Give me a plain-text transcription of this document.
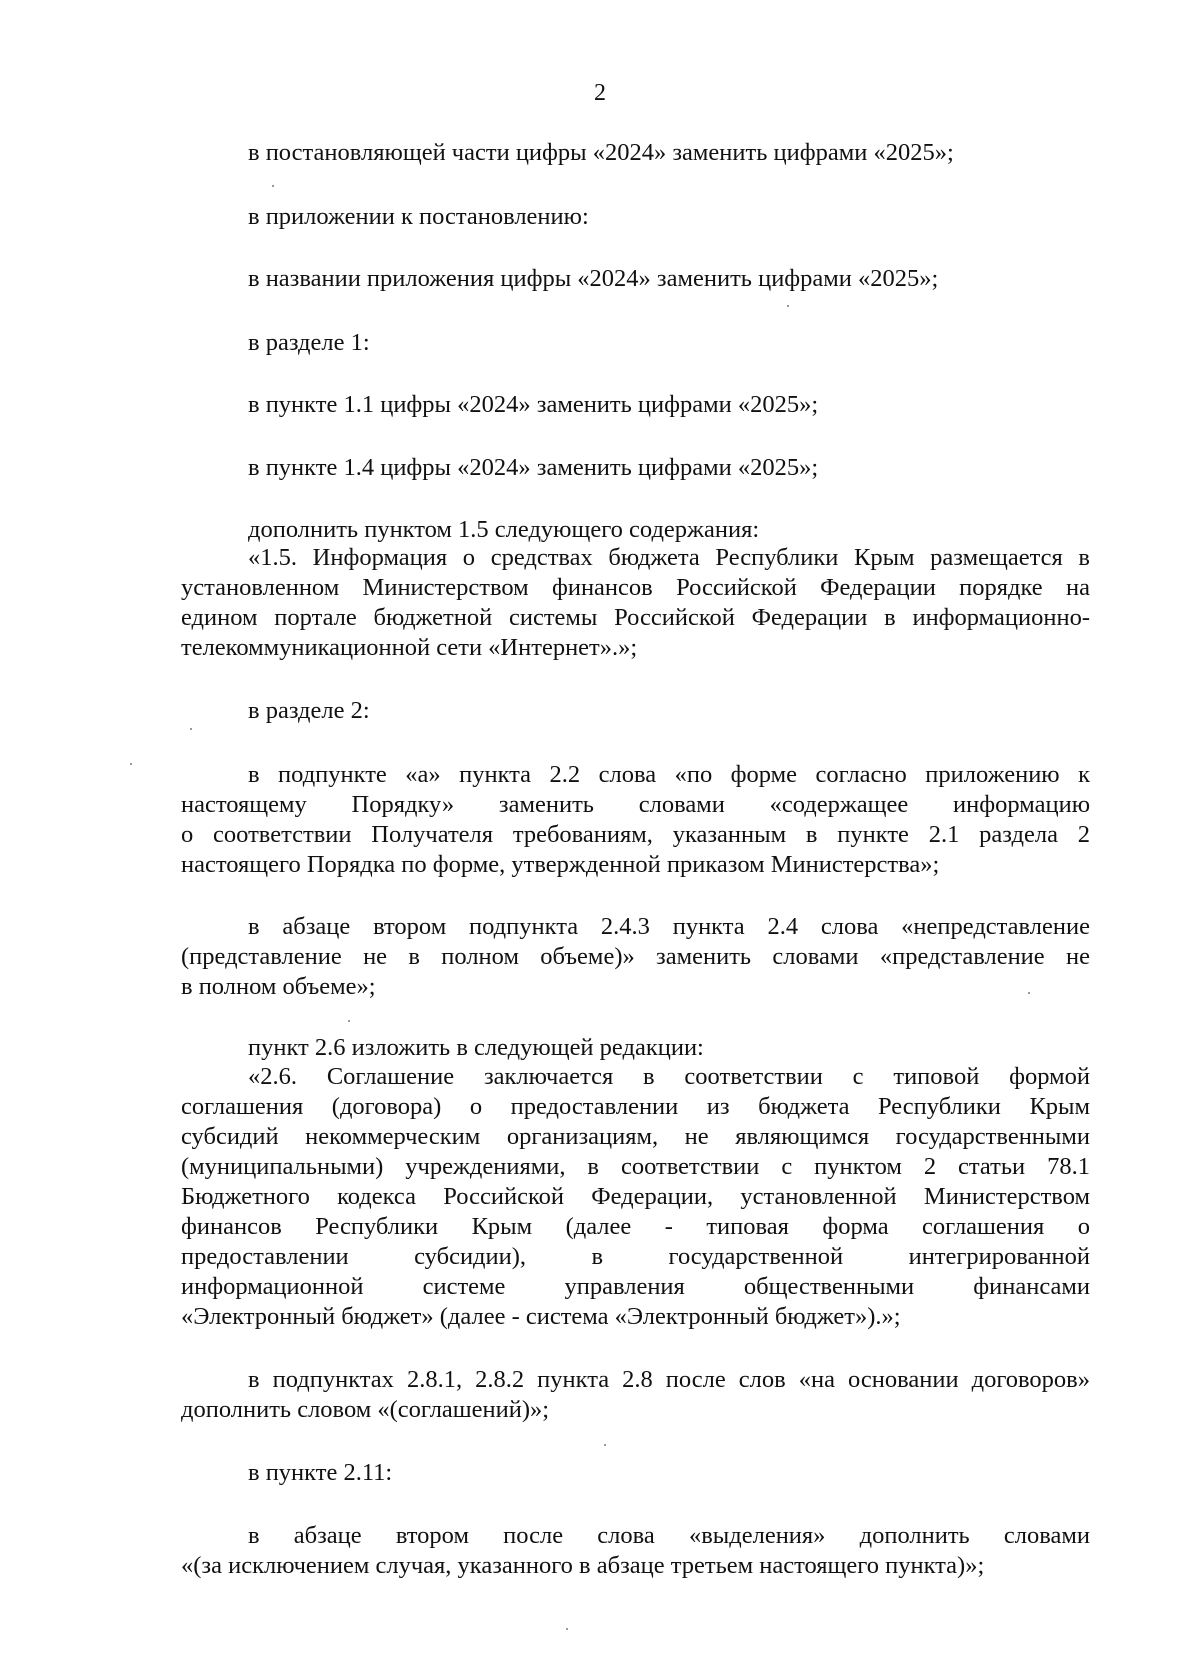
2
в постановляющей части цифры «2024» заменить цифрами «2025»;
в приложении к постановлению:
в названии приложения цифры «2024» заменить цифрами «2025»;
в разделе 1:
в пункте 1.1 цифры «2024» заменить цифрами «2025»;
в пункте 1.4 цифры «2024» заменить цифрами «2025»;
дополнить пунктом 1.5 следующего содержания:
«1.5. Информация о средствах бюджета Республики Крым размещается в
установленном Министерством финансов Российской Федерации порядке на
едином портале бюджетной системы Российской Федерации в информационно-
телекоммуникационной сети «Интернет».»;
в разделе 2:
в подпункте «а» пункта 2.2 слова «по форме согласно приложению к
настоящему Порядку» заменить словами «содержащее информацию
о соответствии Получателя требованиям, указанным в пункте 2.1 раздела 2
настоящего Порядка по форме, утвержденной приказом Министерства»;
в абзаце втором подпункта 2.4.3 пункта 2.4 слова «непредставление
(представление не в полном объеме)» заменить словами «представление не
в полном объеме»;
пункт 2.6 изложить в следующей редакции:
«2.6. Соглашение заключается в соответствии с типовой формой
соглашения (договора) о предоставлении из бюджета Республики Крым
субсидий некоммерческим организациям, не являющимся государственными
(муниципальными) учреждениями, в соответствии с пунктом 2 статьи 78.1
Бюджетного кодекса Российской Федерации, установленной Министерством
финансов Республики Крым (далее - типовая форма соглашения о
предоставлении субсидии), в государственной интегрированной
информационной системе управления общественными финансами
«Электронный бюджет» (далее - система «Электронный бюджет»).»;
в подпунктах 2.8.1, 2.8.2 пункта 2.8 после слов «на основании договоров»
дополнить словом «(соглашений)»;
в пункте 2.11:
в абзаце втором после слова «выделения» дополнить словами
«(за исключением случая, указанного в абзаце третьем настоящего пункта)»;
